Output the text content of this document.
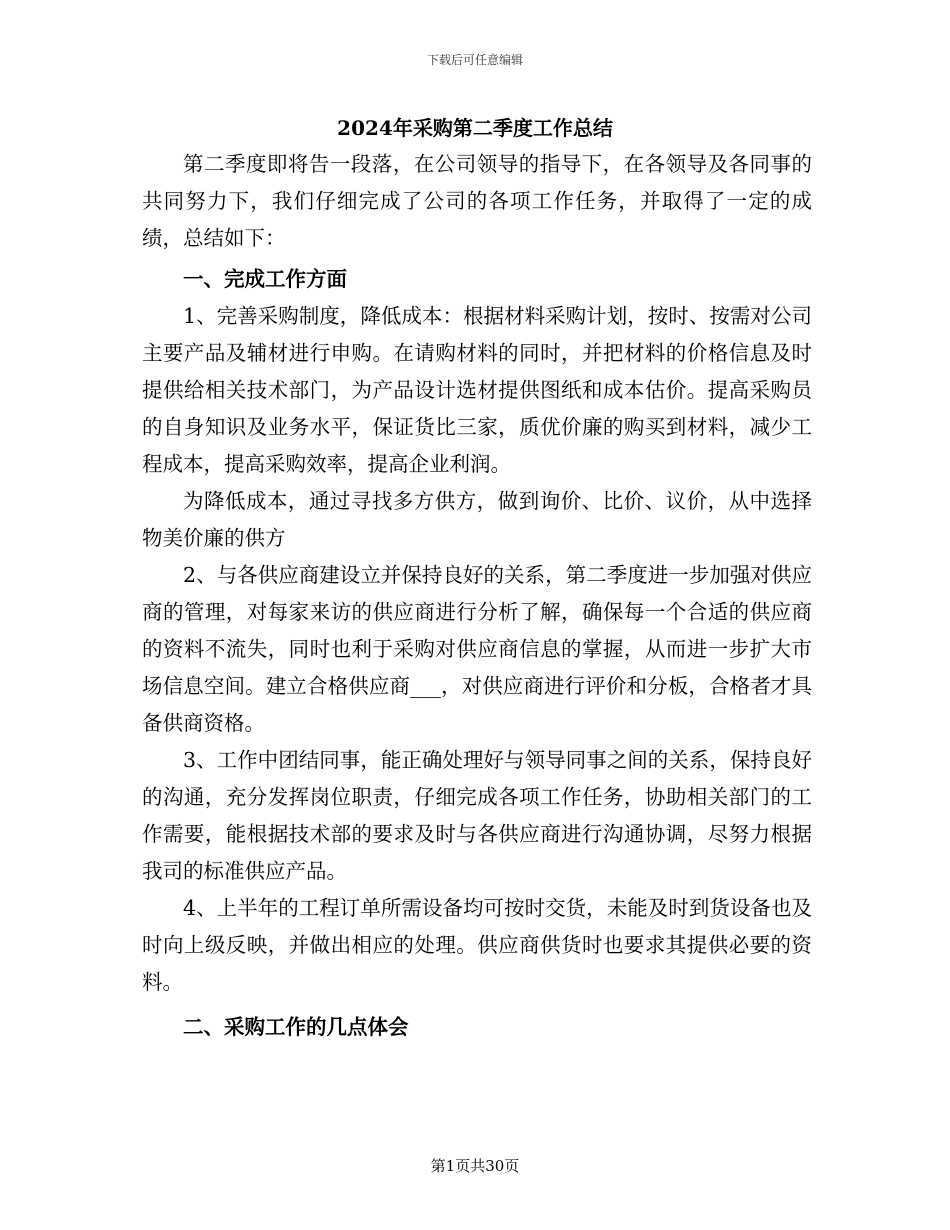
下载后可任意编辑
2024年采购第二季度工作总结

第二季度即将告一段落，在公司领导的指导下，在各领导及各同事的共同努力下，我们仔细完成了公司的各项工作任务，并取得了一定的成绩，总结如下：

一、完成工作方面

1、完善采购制度，降低成本：根据材料采购计划，按时、按需对公司主要产品及辅材进行申购。在请购材料的同时，并把材料的价格信息及时提供给相关技术部门，为产品设计选材提供图纸和成本估价。提高采购员的自身知识及业务水平，保证货比三家，质优价廉的购买到材料，减少工程成本，提高采购效率，提高企业利润。

为降低成本，通过寻找多方供方，做到询价、比价、议价，从中选择物美价廉的供方

2、与各供应商建设立并保持良好的关系，第二季度进一步加强对供应商的管理，对每家来访的供应商进行分析了解，确保每一个合适的供应商的资料不流失，同时也利于采购对供应商信息的掌握，从而进一步扩大市场信息空间。建立合格供应商___，对供应商进行评价和分板，合格者才具备供商资格。

3、工作中团结同事，能正确处理好与领导同事之间的关系，保持良好的沟通，充分发挥岗位职责，仔细完成各项工作任务，协助相关部门的工作需要，能根据技术部的要求及时与各供应商进行沟通协调，尽努力根据我司的标准供应产品。

4、上半年的工程订单所需设备均可按时交货，未能及时到货设备也及时向上级反映，并做出相应的处理。供应商供货时也要求其提供必要的资料。

二、采购工作的几点体会

第1页共30页
